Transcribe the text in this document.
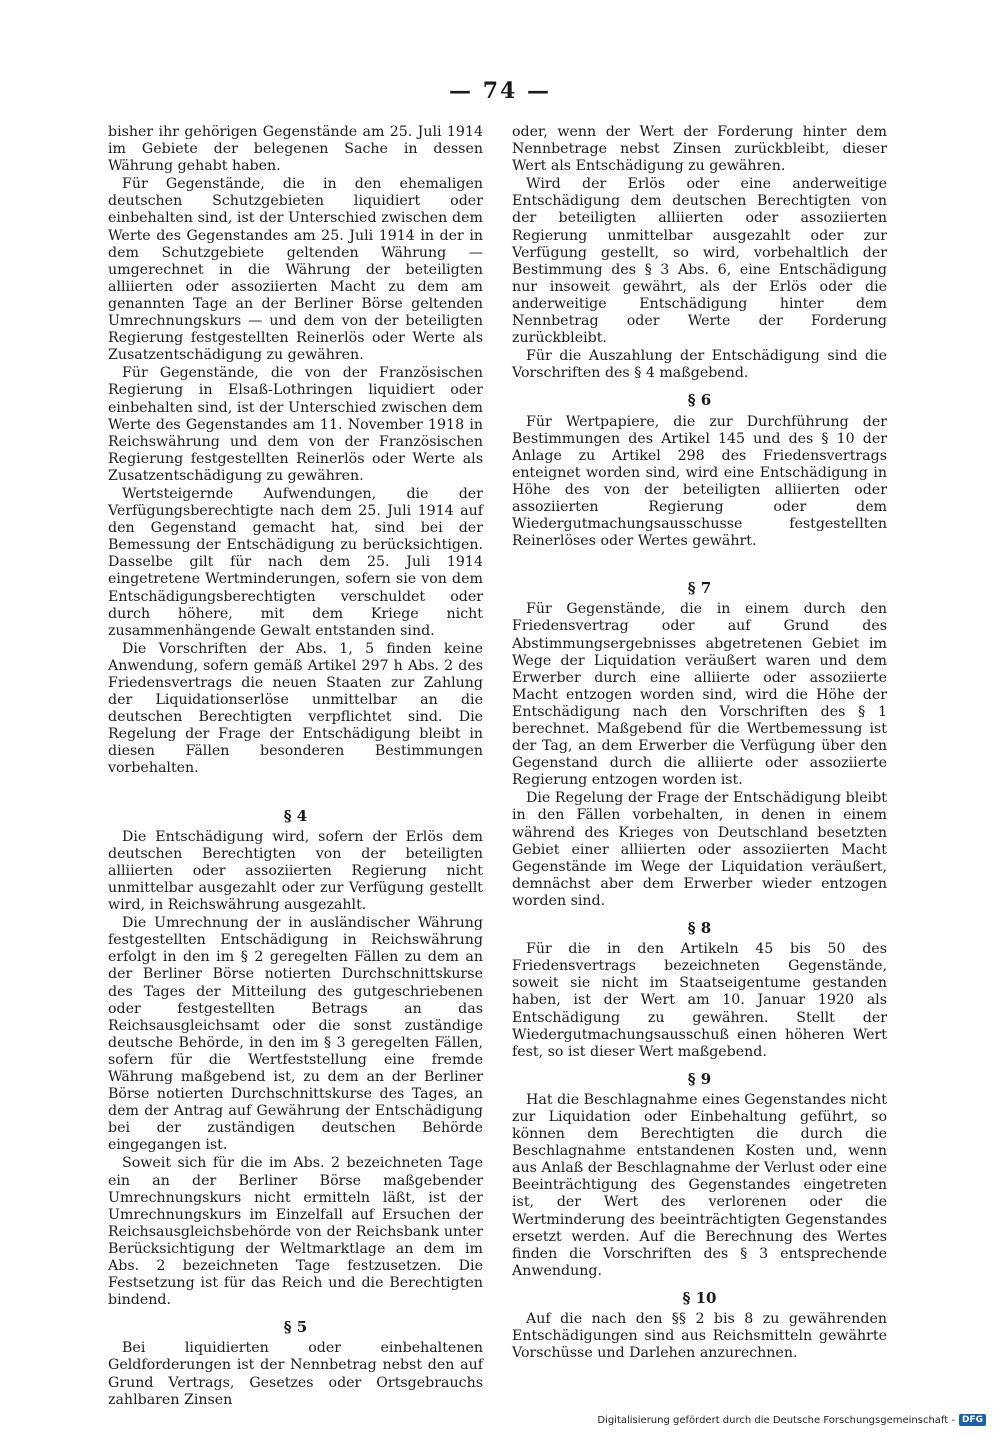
— 74 —

bisher ihr gehörigen Gegenstände am 25. Juli 1914 im Gebiete der belegenen Sache in dessen Währung gehabt haben.

Für Gegenstände, die in den ehemaligen deutschen Schutzgebieten liquidiert oder einbehalten sind, ist der Unterschied zwischen dem Werte des Gegenstandes am 25. Juli 1914 in der in dem Schutzgebiete geltenden Währung — umgerechnet in die Währung der beteiligten alliierten oder assoziierten Macht zu dem am genannten Tage an der Berliner Börse geltenden Umrechnungskurs — und dem von der beteiligten Regierung festgestellten Reinerlös oder Werte als Zusatzentschädigung zu gewähren.

Für Gegenstände, die von der Französischen Regierung in Elsaß-Lothringen liquidiert oder einbehalten sind, ist der Unterschied zwischen dem Werte des Gegenstandes am 11. November 1918 in Reichswährung und dem von der Französischen Regierung festgestellten Reinerlös oder Werte als Zusatzentschädigung zu gewähren.

Wertsteigernde Aufwendungen, die der Verfügungsberechtigte nach dem 25. Juli 1914 auf den Gegenstand gemacht hat, sind bei der Bemessung der Entschädigung zu berücksichtigen. Dasselbe gilt für nach dem 25. Juli 1914 eingetretene Wertminderungen, sofern sie von dem Entschädigungsberechtigten verschuldet oder durch höhere, mit dem Kriege nicht zusammenhängende Gewalt entstanden sind.

Die Vorschriften der Abs. 1, 5 finden keine Anwendung, sofern gemäß Artikel 297 h Abs. 2 des Friedensvertrags die neuen Staaten zur Zahlung der Liquidationserlöse unmittelbar an die deutschen Berechtigten verpflichtet sind. Die Regelung der Frage der Entschädigung bleibt in diesen Fällen besonderen Bestimmungen vorbehalten.

§ 4

Die Entschädigung wird, sofern der Erlös dem deutschen Berechtigten von der beteiligten alliierten oder assoziierten Regierung nicht unmittelbar ausgezahlt oder zur Verfügung gestellt wird, in Reichswährung ausgezahlt.

Die Umrechnung der in ausländischer Währung festgestellten Entschädigung in Reichswährung erfolgt in den im § 2 geregelten Fällen zu dem an der Berliner Börse notierten Durchschnittskurse des Tages der Mitteilung des gutgeschriebenen oder festgestellten Betrags an das Reichsausgleichsamt oder die sonst zuständige deutsche Behörde, in den im § 3 geregelten Fällen, sofern für die Wertfeststellung eine fremde Währung maßgebend ist, zu dem an der Berliner Börse notierten Durchschnittskurse des Tages, an dem der Antrag auf Gewährung der Entschädigung bei der zuständigen deutschen Behörde eingegangen ist.

Soweit sich für die im Abs. 2 bezeichneten Tage ein an der Berliner Börse maßgebender Umrechnungskurs nicht ermitteln läßt, ist der Umrechnungskurs im Einzelfall auf Ersuchen der Reichsausgleichsbehörde von der Reichsbank unter Berücksichtigung der Weltmarktlage an dem im Abs. 2 bezeichneten Tage festzusetzen. Die Festsetzung ist für das Reich und die Berechtigten bindend.

§ 5

Bei liquidierten oder einbehaltenen Geldforderungen ist der Nennbetrag nebst den auf Grund Vertrags, Gesetzes oder Ortsgebrauchs zahlbaren Zinsen

oder, wenn der Wert der Forderung hinter dem Nennbetrage nebst Zinsen zurückbleibt, dieser Wert als Entschädigung zu gewähren.

Wird der Erlös oder eine anderweitige Entschädigung dem deutschen Berechtigten von der beteiligten alliierten oder assoziierten Regierung unmittelbar ausgezahlt oder zur Verfügung gestellt, so wird, vorbehaltlich der Bestimmung des § 3 Abs. 6, eine Entschädigung nur insoweit gewährt, als der Erlös oder die anderweitige Entschädigung hinter dem Nennbetrag oder Werte der Forderung zurückbleibt.

Für die Auszahlung der Entschädigung sind die Vorschriften des § 4 maßgebend.

§ 6

Für Wertpapiere, die zur Durchführung der Bestimmungen des Artikel 145 und des § 10 der Anlage zu Artikel 298 des Friedensvertrags enteignet worden sind, wird eine Entschädigung in Höhe des von der beteiligten alliierten oder assoziierten Regierung oder dem Wiedergutmachungsausschusse festgestellten Reinerlöses oder Wertes gewährt.

§ 7

Für Gegenstände, die in einem durch den Friedensvertrag oder auf Grund des Abstimmungsergebnisses abgetretenen Gebiet im Wege der Liquidation veräußert waren und dem Erwerber durch eine alliierte oder assoziierte Macht entzogen worden sind, wird die Höhe der Entschädigung nach den Vorschriften des § 1 berechnet. Maßgebend für die Wertbemessung ist der Tag, an dem Erwerber die Verfügung über den Gegenstand durch die alliierte oder assoziierte Regierung entzogen worden ist.

Die Regelung der Frage der Entschädigung bleibt in den Fällen vorbehalten, in denen in einem während des Krieges von Deutschland besetzten Gebiet einer alliierten oder assoziierten Macht Gegenstände im Wege der Liquidation veräußert, demnächst aber dem Erwerber wieder entzogen worden sind.

§ 8

Für die in den Artikeln 45 bis 50 des Friedensvertrags bezeichneten Gegenstände, soweit sie nicht im Staatseigentume gestanden haben, ist der Wert am 10. Januar 1920 als Entschädigung zu gewähren. Stellt der Wiedergutmachungsausschuß einen höheren Wert fest, so ist dieser Wert maßgebend.

§ 9

Hat die Beschlagnahme eines Gegenstandes nicht zur Liquidation oder Einbehaltung geführt, so können dem Berechtigten die durch die Beschlagnahme entstandenen Kosten und, wenn aus Anlaß der Beschlagnahme der Verlust oder eine Beeinträchtigung des Gegenstandes eingetreten ist, der Wert des verlorenen oder die Wertminderung des beeinträchtigten Gegenstandes ersetzt werden. Auf die Berechnung des Wertes finden die Vorschriften des § 3 entsprechende Anwendung.

§ 10

Auf die nach den §§ 2 bis 8 zu gewährenden Entschädigungen sind aus Reichsmitteln gewährte Vorschüsse und Darlehen anzurechnen.

Digitalisierung gefördert durch die Deutsche Forschungsgemeinschaft - DFG
